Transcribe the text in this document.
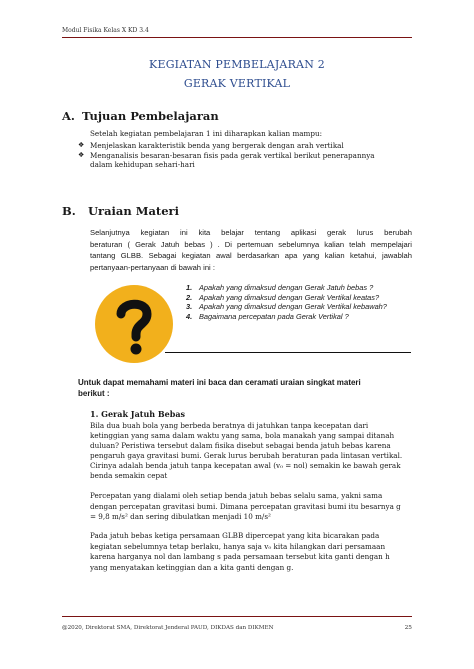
Modul Fisika Kelas X KD 3.4
KEGIATAN PEMBELAJARAN 2
GERAK VERTIKAL
A. Tujuan Pembelajaran
Setelah kegiatan pembelajaran 1 ini diharapkan kalian mampu:
❖ Menjelaskan karakteristik benda yang bergerak dengan arah vertikal
❖ Menganalisis besaran-besaran fisis pada gerak vertikal berikut penerapannya
dalam kehidupan sehari-hari
B. Uraian Materi
Selanjutnya kegiatan ini kita belajar tentang aplikasi gerak lurus berubah
beraturan ( Gerak Jatuh bebas ) . Di pertemuan sebelumnya kalian telah mempelajari
tantang GLBB. Sebagai kegiatan awal berdasarkan apa yang kalian ketahui, jawablah
pertanyaan-pertanyaan di bawah ini :
1. Apakah yang dimaksud dengan Gerak Jatuh bebas ?
2. Apakah yang dimaksud dengan Gerak Vertikal keatas?
3. Apakah yang dimaksud dengan Gerak Vertikal kebawah?
4. Bagaimana percepatan pada Gerak Vertikal ?
Untuk dapat memahami materi ini baca dan ceramati uraian singkat materi
berikut :
1. Gerak Jatuh Bebas
Bila dua buah bola yang berbeda beratnya di jatuhkan tanpa kecepatan dari
ketinggian yang sama dalam waktu yang sama, bola manakah yang sampai ditanah
duluan? Peristiwa tersebut dalam fisika disebut sebagai benda jatuh bebas karena
pengaruh gaya gravitasi bumi. Gerak lurus berubah beraturan pada lintasan vertikal.
Cirinya adalah benda jatuh tanpa kecepatan awal (v₀ = nol) semakin ke bawah gerak
benda semakin cepat
Percepatan yang dialami oleh setiap benda jatuh bebas selalu sama, yakni sama
dengan percepatan gravitasi bumi. Dimana percepatan gravitasi bumi itu besarnya g
= 9,8 m/s² dan sering dibulatkan menjadi 10 m/s²
Pada jatuh bebas ketiga persamaan GLBB dipercepat yang kita bicarakan pada
kegiatan sebelumnya tetap berlaku, hanya saja v₀ kita hilangkan dari persamaan
karena harganya nol dan lambang s pada persamaan tersebut kita ganti dengan h
yang menyatakan ketinggian dan a kita ganti dengan g.
@2020, Direktorat SMA, Direktorat Jenderal PAUD, DIKDAS dan DIKMEN	25
